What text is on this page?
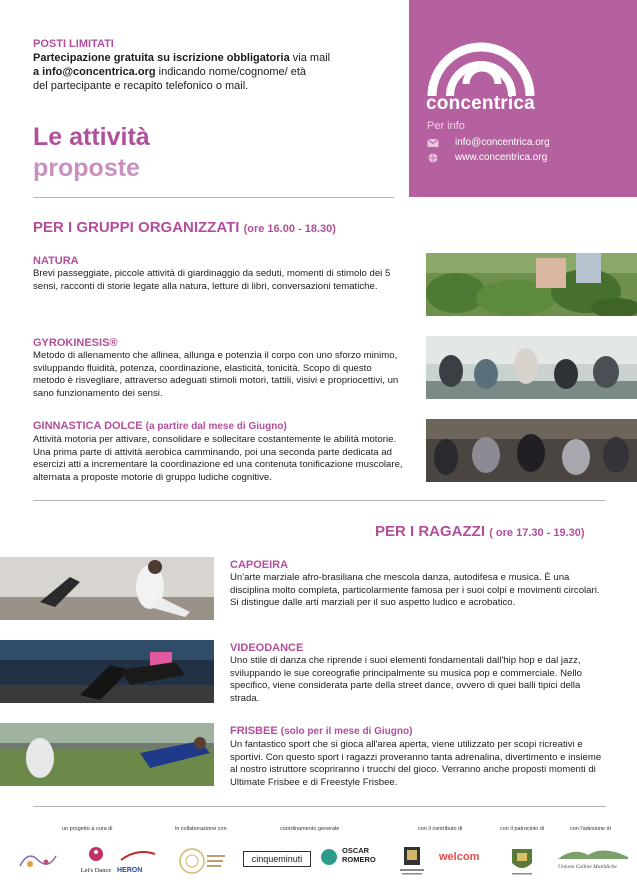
POSTI LIMITATI
Partecipazione gratuita su iscrizione obbligatoria via mail
a info@concentrica.org indicando nome/cognome/ età
del partecipante e recapito telefonico o mail.
Le attività
proposte
concentrica
Per info
info@concentrica.org
www.concentrica.org
PER I GRUPPI ORGANIZZATI (ore 16.00 - 18.30)
NATURA
Brevi passeggiate, piccole attività di giardinaggio da seduti, momenti di stimolo dei 5 sensi, racconti di storie legate alla natura, letture di libri, conversazioni tematiche.
GYROKINESIS®
Metodo di allenamento che allinea, allunga e potenzia il corpo con uno sforzo minimo, sviluppando fluidità, potenza, coordinazione, elasticità, tonicità. Scopo di questo metodo è risvegliare, attraverso adeguati stimoli motori, tattili, visivi e propriocettivi, un sano funzionamento dei sensi.
GINNASTICA DOLCE (a partire dal mese di Giugno)
Attività motoria per attivare, consolidare e sollecitare costantemente le abilità motorie. Una prima parte di attività aerobica camminando, poi una seconda parte dedicata ad esercizi atti a incrementare la coordinazione ed una contenuta tonificazione muscolare, alternata a proposte motorie di gruppo ludiche cognitive.
PER I RAGAZZI ( ore 17.30 - 19.30)
CAPOEIRA
Un'arte marziale afro-brasiliana che mescola danza, autodifesa e musica. È una disciplina molto completa, particolarmente famosa per i suoi colpi e movimenti circolari. Si distingue dalle arti marziali per il suo aspetto ludico e acrobatico.
VIDEODANCE
Uno stile di danza che riprende i suoi elementi fondamentali dall'hip hop e dal jazz, sviluppando le sue coreografie principalmente su musica pop e commerciale. Nello specifico, viene considerata parte della street dance, ovvero di quei balli tipici della strada.
FRISBEE (solo per il mese di Giugno)
Un fantastico sport che si gioca all'area aperta, viene utilizzato per scopi ricreativi e sportivi. Con questo sport i ragazzi proveranno tanta adrenalina, divertimento e insieme al nostro istruttore scopriranno i trucchi del gioco. Verranno anche proposti momenti di Ultimate Frisbee e di Freestyle Frisbee.
un progetto a cura di	in collaborazione con	coordinamento generale	con il contributo di	con il patrocinio di	con l'adesione di
Let's Dance HERON
cinqueminuti
OSCAR
ROMERO	welcom
Unione Colline Matildiche
